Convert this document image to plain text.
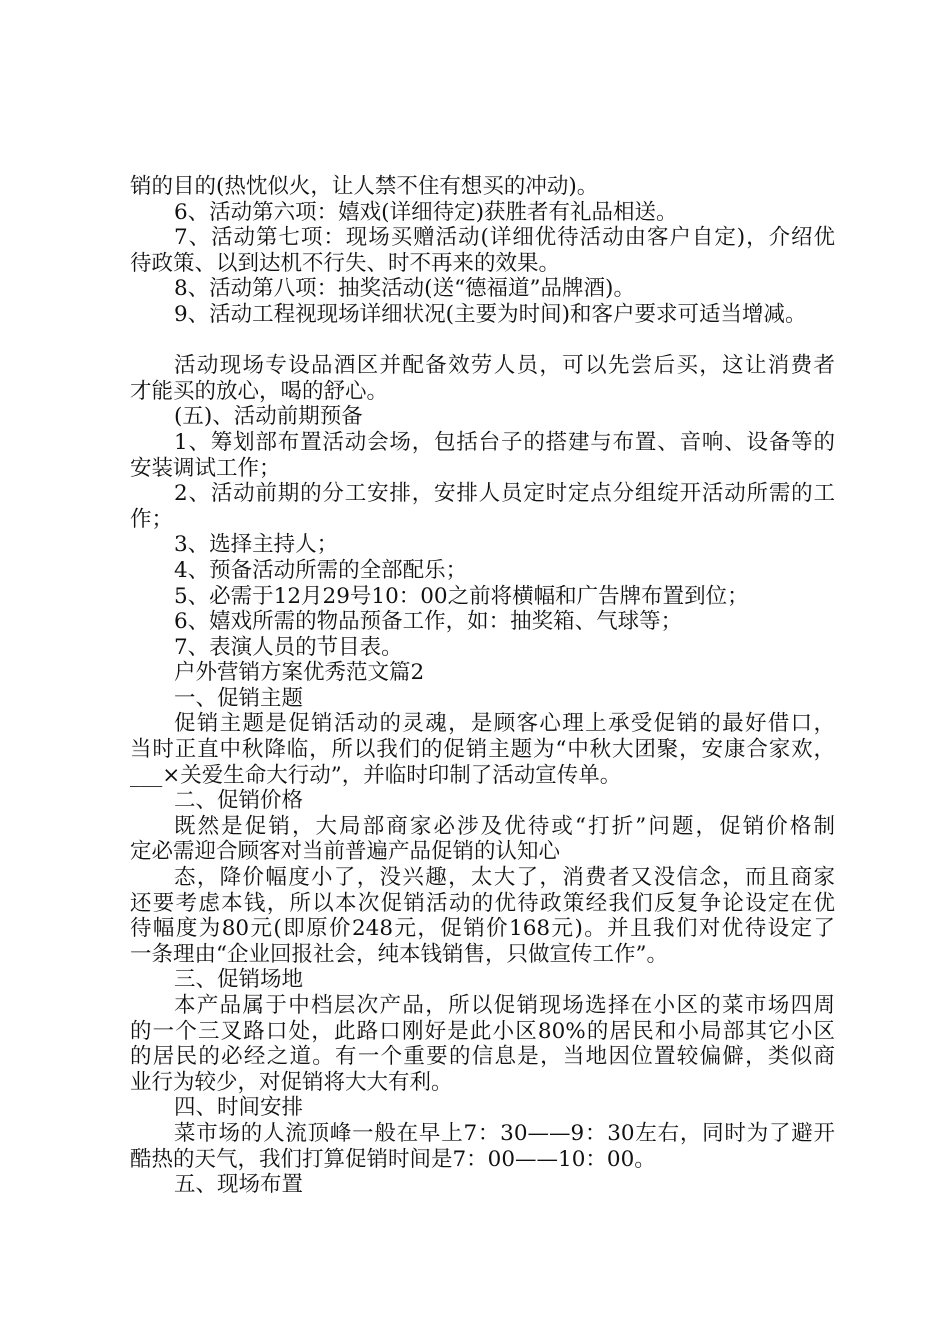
销的目的(热忱似火，让人禁不住有想买的冲动)。
6、活动第六项：嬉戏(详细待定)获胜者有礼品相送。
7、活动第七项：现场买赠活动(详细优待活动由客户自定)，介绍优
待政策、以到达机不行失、时不再来的效果。
8、活动第八项：抽奖活动(送“德福道”品牌酒)。
9、活动工程视现场详细状况(主要为时间)和客户要求可适当增减。
活动现场专设品酒区并配备效劳人员，可以先尝后买，这让消费者
才能买的放心，喝的舒心。
(五)、活动前期预备
1、筹划部布置活动会场，包括台子的搭建与布置、音响、设备等的
安装调试工作；
2、活动前期的分工安排，安排人员定时定点分组绽开活动所需的工
作；
3、选择主持人；
4、预备活动所需的全部配乐；
5、必需于12月29号10：00之前将横幅和广告牌布置到位；
6、嬉戏所需的物品预备工作，如：抽奖箱、气球等；
7、表演人员的节目表。
户外营销方案优秀范文篇2
一、促销主题
促销主题是促销活动的灵魂，是顾客心理上承受促销的最好借口，
当时正直中秋降临，所以我们的促销主题为“中秋大团聚，安康合家欢，
___×关爱生命大行动”，并临时印制了活动宣传单。
二、促销价格
既然是促销，大局部商家必涉及优待或“打折”问题，促销价格制
定必需迎合顾客对当前普遍产品促销的认知心
态，降价幅度小了，没兴趣，太大了，消费者又没信念，而且商家
还要考虑本钱，所以本次促销活动的优待政策经我们反复争论设定在优
待幅度为80元(即原价248元，促销价168元)。并且我们对优待设定了
一条理由“企业回报社会，纯本钱销售，只做宣传工作”。
三、促销场地
本产品属于中档层次产品，所以促销现场选择在小区的菜市场四周
的一个三叉路口处，此路口刚好是此小区80%的居民和小局部其它小区
的居民的必经之道。有一个重要的信息是，当地因位置较偏僻，类似商
业行为较少，对促销将大大有利。
四、时间安排
菜市场的人流顶峰一般在早上7：30——9：30左右，同时为了避开
酷热的天气，我们打算促销时间是7：00——10：00。
五、现场布置
